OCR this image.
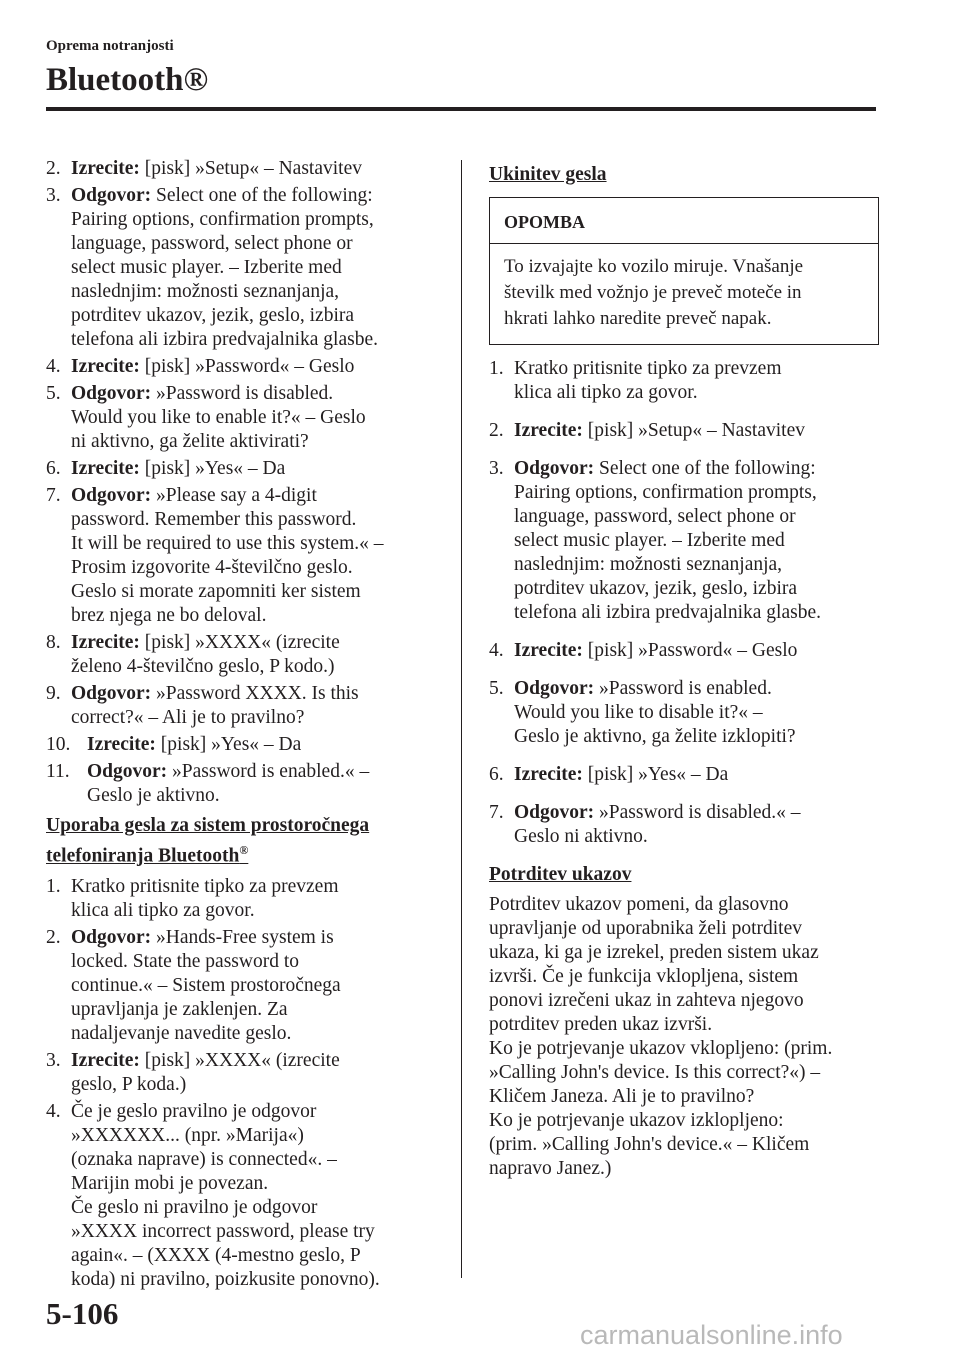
Oprema notranjosti
Bluetooth®
2. Izrecite: [pisk] »Setup« – Nastavitev
3. Odgovor: Select one of the following:
Pairing options, confirmation prompts,
language, password, select phone or
select music player. – Izberite med
naslednjim: možnosti seznanjanja,
potrditev ukazov, jezik, geslo, izbira
telefona ali izbira predvajalnika glasbe.
4. Izrecite: [pisk] »Password« – Geslo
5. Odgovor: »Password is disabled.
Would you like to enable it?« – Geslo
ni aktivno, ga želite aktivirati?
6. Izrecite: [pisk] »Yes« – Da
7. Odgovor: »Please say a 4-digit
password. Remember this password.
It will be required to use this system.« –
Prosim izgovorite 4-številčno geslo.
Geslo si morate zapomniti ker sistem
brez njega ne bo deloval.
8. Izrecite: [pisk] »XXXX« (izrecite
želeno 4-številčno geslo, P kodo.)
9. Odgovor: »Password XXXX. Is this
correct?« – Ali je to pravilno?
10. Izrecite: [pisk] »Yes« – Da
11. Odgovor: »Password is enabled.« –
Geslo je aktivno.
Uporaba gesla za sistem prostoročnega
telefoniranja Bluetooth®
1. Kratko pritisnite tipko za prevzem
klica ali tipko za govor.
2. Odgovor: »Hands-Free system is
locked. State the password to
continue.« – Sistem prostoročnega
upravljanja je zaklenjen. Za
nadaljevanje navedite geslo.
3. Izrecite: [pisk] »XXXX« (izrecite
geslo, P koda.)
4. Če je geslo pravilno je odgovor
»XXXXXX... (npr. »Marija«)
(oznaka naprave) is connected«. –
Marijin mobi je povezan.
Če geslo ni pravilno je odgovor
»XXXX incorrect password, please try
again«. – (XXXX (4-mestno geslo, P
koda) ni pravilno, poizkusite ponovno).
Ukinitev gesla
OPOMBA
To izvajajte ko vozilo miruje. Vnašanje
številk med vožnjo je preveč moteče in
hkrati lahko naredite preveč napak.
1. Kratko pritisnite tipko za prevzem
klica ali tipko za govor.
2. Izrecite: [pisk] »Setup« – Nastavitev
3. Odgovor: Select one of the following:
Pairing options, confirmation prompts,
language, password, select phone or
select music player. – Izberite med
naslednjim: možnosti seznanjanja,
potrditev ukazov, jezik, geslo, izbira
telefona ali izbira predvajalnika glasbe.
4. Izrecite: [pisk] »Password« – Geslo
5. Odgovor: »Password is enabled.
Would you like to disable it?« –
Geslo je aktivno, ga želite izklopiti?
6. Izrecite: [pisk] »Yes« – Da
7. Odgovor: »Password is disabled.« –
Geslo ni aktivno.
Potrditev ukazov
Potrditev ukazov pomeni, da glasovno
upravljanje od uporabnika želi potrditev
ukaza, ki ga je izrekel, preden sistem ukaz
izvrši. Če je funkcija vklopljena, sistem
ponovi izrečeni ukaz in zahteva njegovo
potrditev preden ukaz izvrši.
Ko je potrjevanje ukazov vklopljeno: (prim.
»Calling John's device. Is this correct?«) –
Kličem Janeza. Ali je to pravilno?
Ko je potrjevanje ukazov izklopljeno:
(prim. »Calling John's device.« – Kličem
napravo Janez.)
5-106
carmanualsonline.info
